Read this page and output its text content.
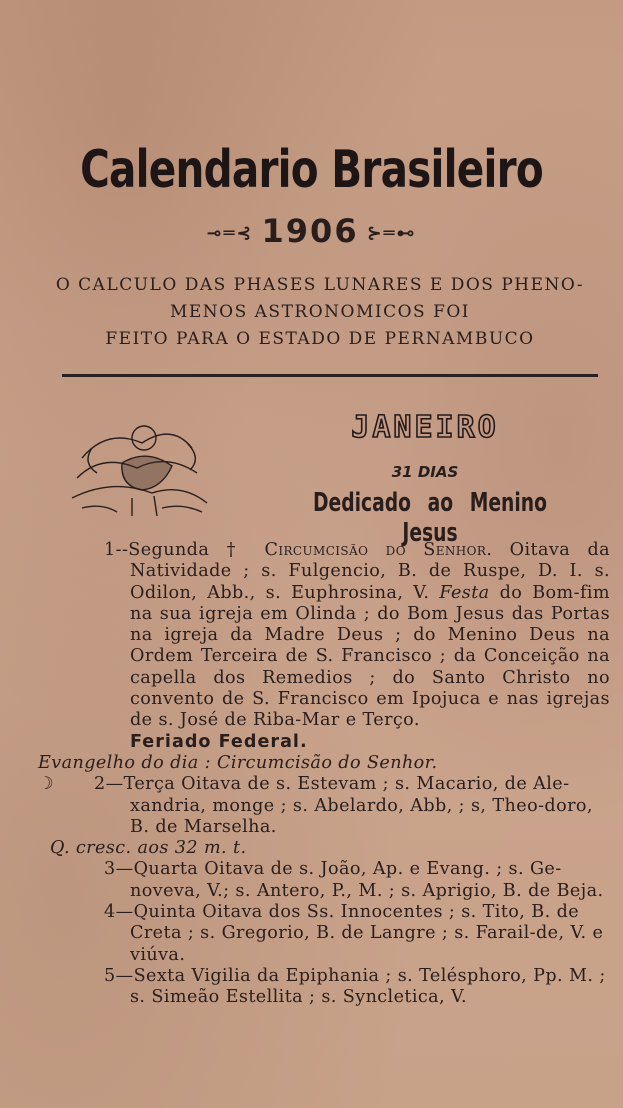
Calendario Brasileiro
⊸═⊰ 1906 ⊱═⊷
O CALCULO DAS PHASES LUNARES E DOS PHENO-
MENOS ASTRONOMICOS FOI
FEITO PARA O ESTADO DE PERNAMBUCO
JANEIRO
31 DIAS
Dedicado ao Menino Jesus

1--Segunda † Circumcisão do Senhor. Oitava da Natividade ; s. Fulgencio, B. de Ruspe, D. I. s. Odilon, Abb., s. Euphrosina, V. Festa do Bom-fim na sua igreja em Olinda ; do Bom Jesus das Portas na igreja da Madre Deus ; do Menino Deus na Ordem Terceira de S. Francisco ; da Conceição na capella dos Remedios ; do Santo Christo no convento de S. Francisco em Ipojuca e nas igrejas de s. José de Riba-Mar e Terço.
Feriado Federal.

Evangelho do dia : Circumcisão do Senhor.

☽ 2—Terça Oitava de s. Estevam ; s. Macario, de Ale-xandria, monge ; s. Abelardo, Abb, ; s, Theo-doro, B. de Marselha.

Q. cresc. aos 32 m. t.

3—Quarta Oitava de s. João, Ap. e Evang. ; s. Ge-noveva, V.; s. Antero, P., M. ; s. Aprigio, B. de Beja.

4—Quinta Oitava dos Ss. Innocentes ; s. Tito, B. de Creta ; s. Gregorio, B. de Langre ; s. Farail-de, V. e viúva.

5—Sexta Vigilia da Epiphania ; s. Telésphoro, Pp. M. ; s. Simeão Estellita ; s. Syncletica, V.
